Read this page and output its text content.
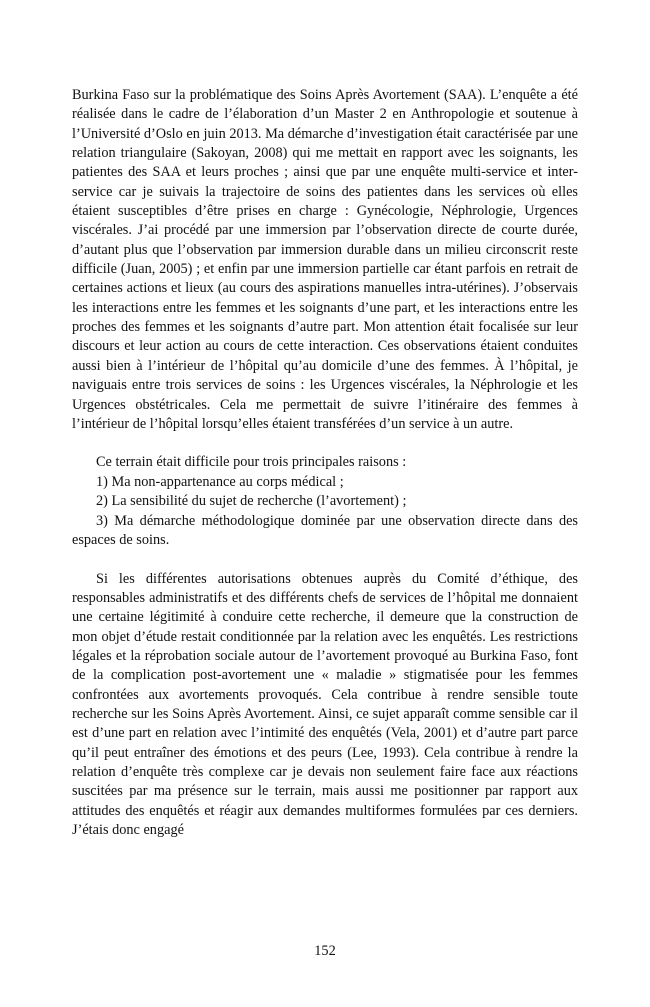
Burkina Faso sur la problématique des Soins Après Avortement (SAA). L’enquête a été réalisée dans le cadre de l’élaboration d’un Master 2 en Anthropologie et soutenue à l’Université d’Oslo en juin 2013. Ma démarche d’investigation était caractérisée par une relation triangulaire (Sakoyan, 2008) qui me mettait en rapport avec les soignants, les patientes des SAA et leurs proches ; ainsi que par une enquête multi-service et inter-service car je suivais la trajectoire de soins des patientes dans les services où elles étaient susceptibles d’être prises en charge : Gynécologie, Néphrologie, Urgences viscérales. J’ai procédé par une immersion par l’observation directe de courte durée, d’autant plus que l’observation par immersion durable dans un milieu circonscrit reste difficile (Juan, 2005) ; et enfin par une immersion partielle car étant parfois en retrait de certaines actions et lieux (au cours des aspirations manuelles intra-utérines). J’observais les interactions entre les femmes et les soignants d’une part, et les interactions entre les proches des femmes et les soignants d’autre part. Mon attention était focalisée sur leur discours et leur action au cours de cette interaction. Ces observations étaient conduites aussi bien à l’intérieur de l’hôpital qu’au domicile d’une des femmes. À l’hôpital, je naviguais entre trois services de soins : les Urgences viscérales, la Néphrologie et les Urgences obstétricales. Cela me permettait de suivre l’itinéraire des femmes à l’intérieur de l’hôpital lorsqu’elles étaient transférées d’un service à un autre.

Ce terrain était difficile pour trois principales raisons :

1) Ma non-appartenance au corps médical ;

2) La sensibilité du sujet de recherche (l’avortement) ;

3) Ma démarche méthodologique dominée par une observation directe dans des espaces de soins.

Si les différentes autorisations obtenues auprès du Comité d’éthique, des responsables administratifs et des différents chefs de services de l’hôpital me donnaient une certaine légitimité à conduire cette recherche, il demeure que la construction de mon objet d’étude restait conditionnée par la relation avec les enquêtés. Les restrictions légales et la réprobation sociale autour de l’avortement provoqué au Burkina Faso, font de la complication post-avortement une « maladie » stigmatisée pour les femmes confrontées aux avortements provoqués. Cela contribue à rendre sensible toute recherche sur les Soins Après Avortement. Ainsi, ce sujet apparaît comme sensible car il est d’une part en relation avec l’intimité des enquêtés (Vela, 2001) et d’autre part parce qu’il peut entraîner des émotions et des peurs (Lee, 1993). Cela contribue à rendre la relation d’enquête très complexe car je devais non seulement faire face aux réactions suscitées par ma présence sur le terrain, mais aussi me positionner par rapport aux attitudes des enquêtés et réagir aux demandes multiformes formulées par ces derniers. J’étais donc engagé

152
